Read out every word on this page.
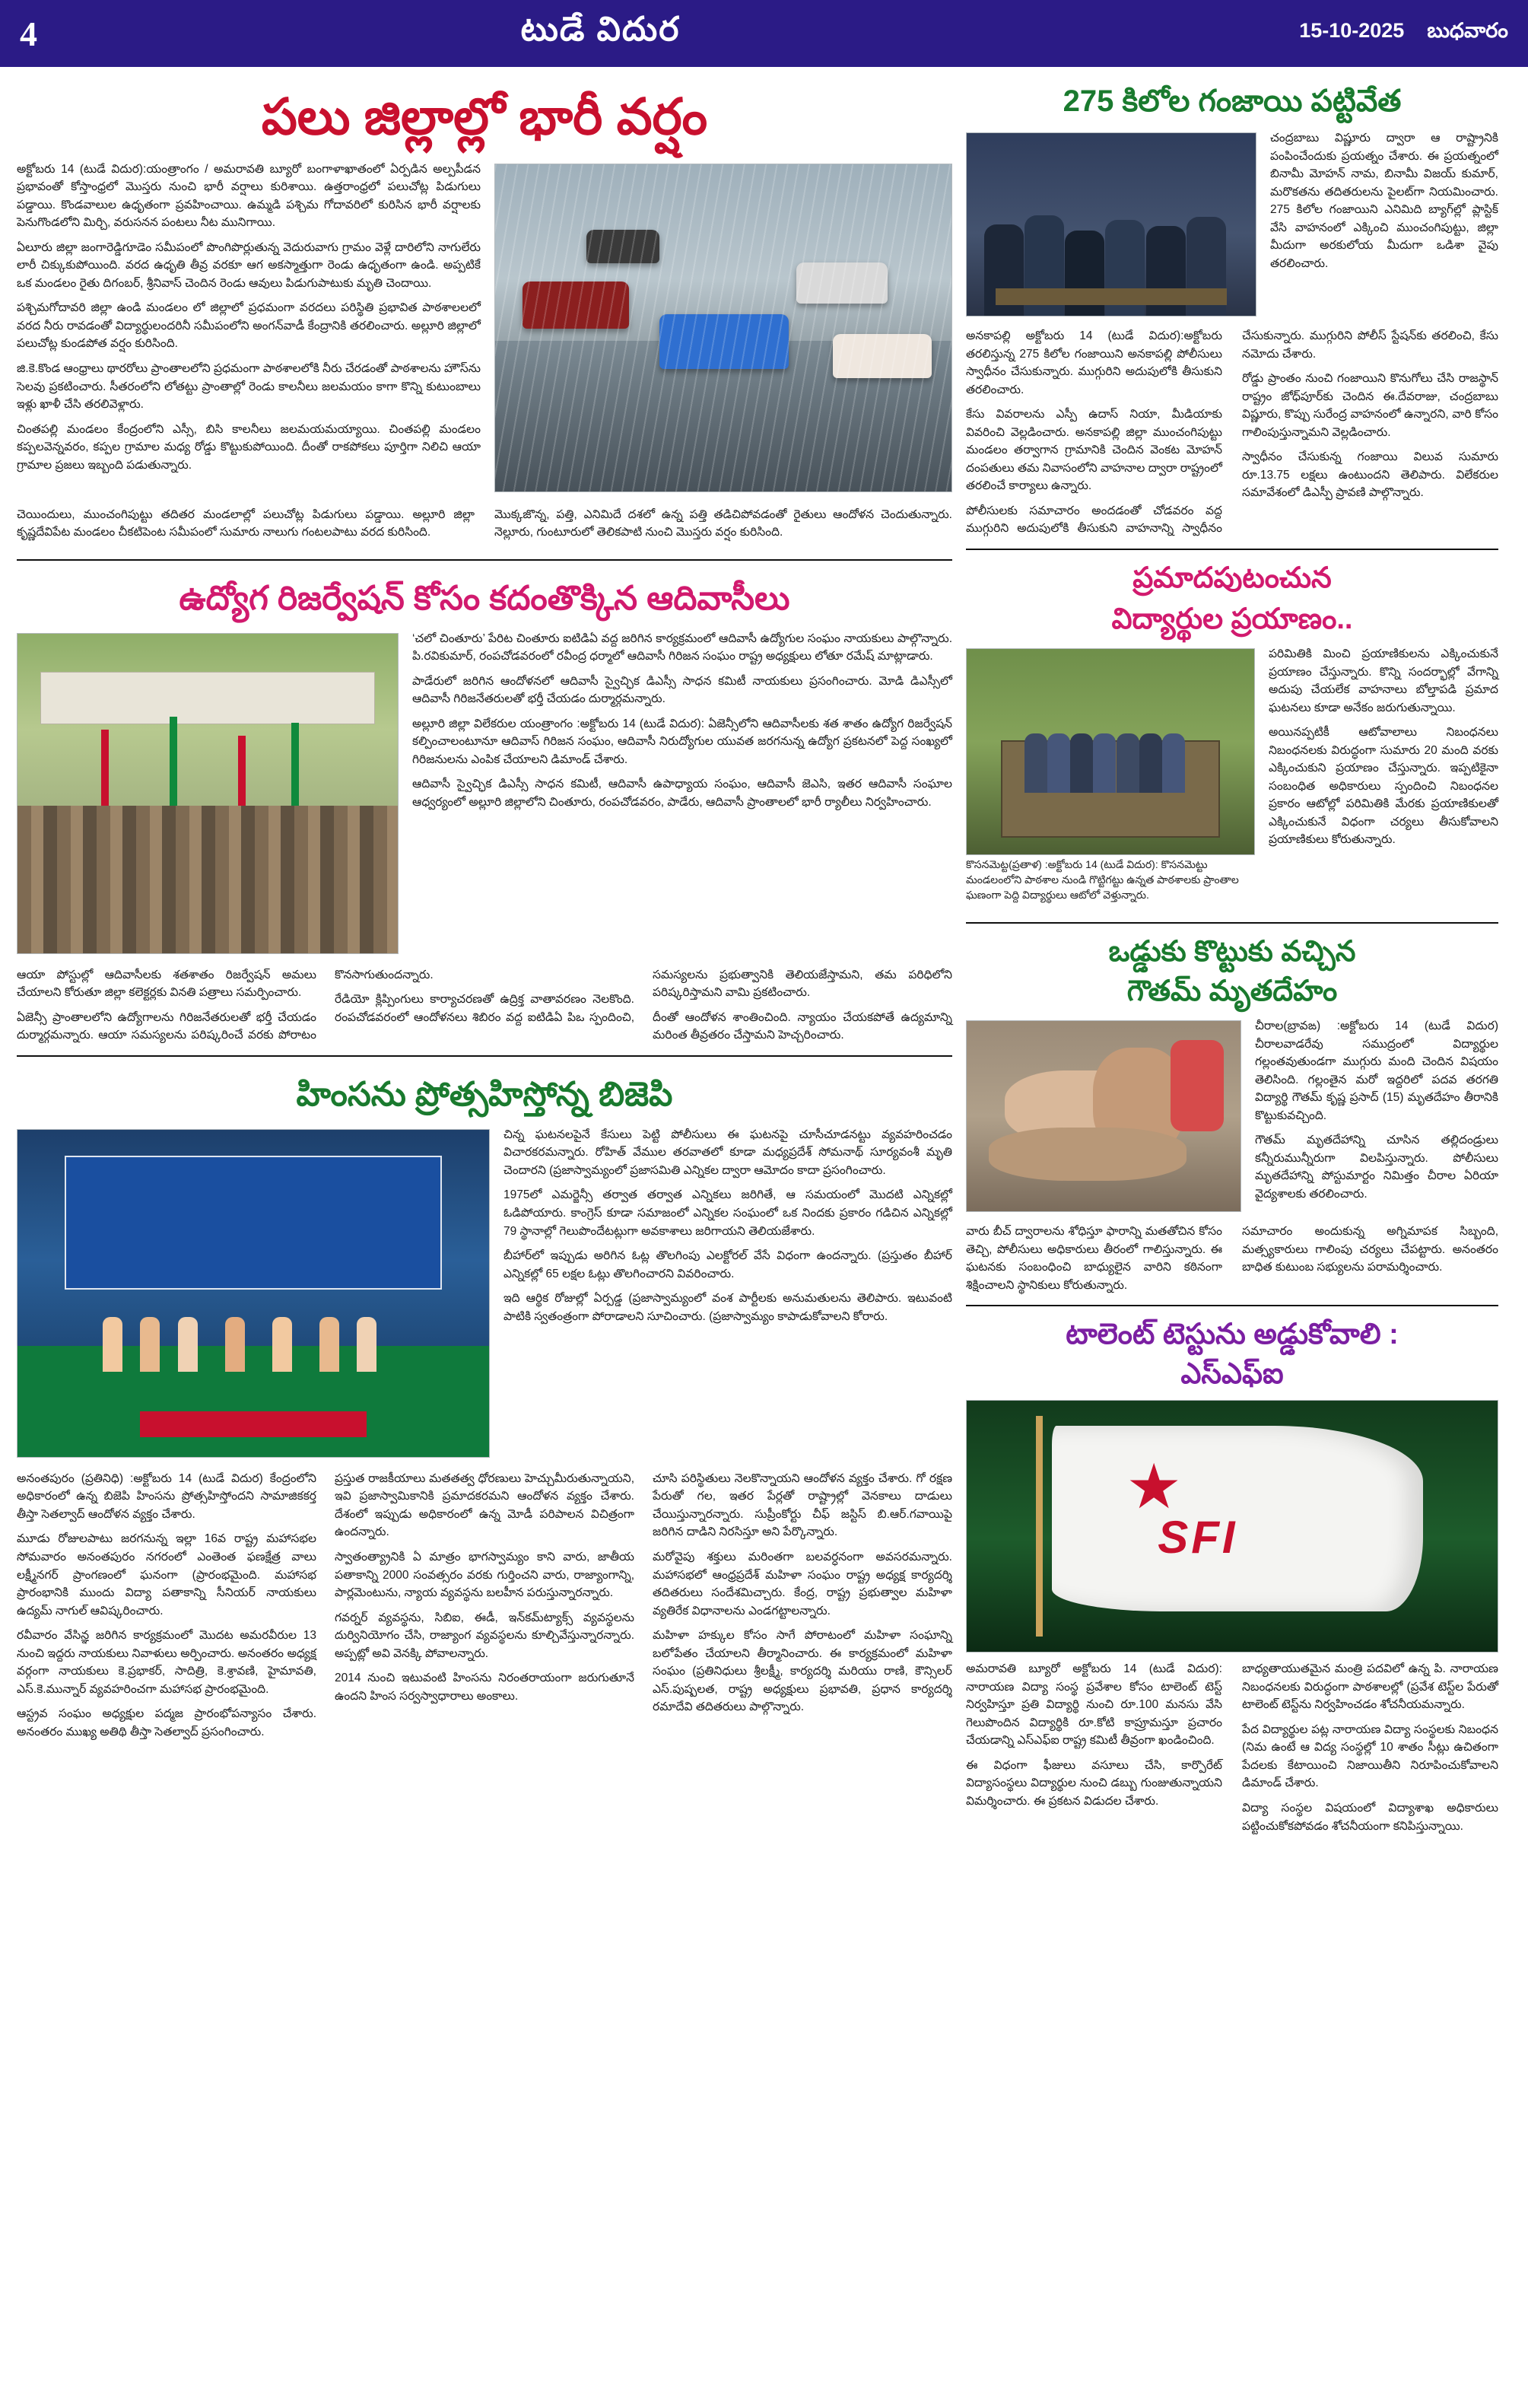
4	టుడే విదుర	15-10-2025 బుధవారం
పలు జిల్లాల్లో భారీ వర్షం

అక్టోబరు 14 (టుడే విదుర):యంత్రాంగం / అమరావతి బ్యూరో బంగాళాఖాతంలో ఏర్పడిన అల్పపీడన ప్రభావంతో కోస్తాంధ్రలో మొస్తరు నుంచి భారీ వర్షాలు కురిశాయి. ఉత్తరాంధ్రలో పలుచోట్ల పిడుగులు పడ్డాయి. కొండవాలుల ఉధృతంగా ప్రవహించాయి. ఉమ్మడి పశ్చిమ గోదావరిలో కురిసిన భారీ వర్షాలకు పెనుగొండలోని మిర్చి, వరుసనన పంటలు నీట మునిగాయి.

ఏలూరు జిల్లా జంగారెడ్డిగూడెం సమీపంలో పొంగిపొర్లుతున్న వెదురువాగు గ్రామం వెళ్లే దారిలోని నాగులేరు లారీ చిక్కుకుపోయింది. వరద ఉధృతి తీవ్ర వరకూ ఆగ అకస్మాత్తుగా రెండు ఉధృతంగా ఉండి. అప్పటికే ఒక మండలం రైతు దిగంబర్, శ్రీనివాస్ చెందిన రెండు ఆవులు పిడుగుపాటుకు మృతి చెందాయి.

పశ్చిమగోదావరి జిల్లా ఉండి మండలం లో జిల్లాలో ప్రధమంగా వరదలు పరిస్థితి ప్రభావిత పాఠశాలలలో వరద నీరు రావడంతో విద్యార్థులందరినీ సమీపంలోని అంగన్‌వాడీ కేంద్రానికి తరలించారు. అల్లూరి జిల్లాలో పలుచోట్ల కుండపోత వర్షం కురిసింది.

జి.కె.కొండ ఆంధ్రాలు థారరోలు ప్రాంతాలలోని ప్రధమంగా పాఠశాలలోకి నీరు చేరడంతో పాఠశాలను హౌస్‌ను సెలవు ప్రకటించారు. సీతరంలోని లోతట్టు ప్రాంతాల్లో రెండు కాలనీలు జలమయం కాగా కొన్ని కుటుంబాలు ఇళ్లు ఖాళీ చేసి తరలివెళ్లారు.

చింతపల్లి మండలం కేంద్రంలోని ఎస్సీ, బిసి కాలనీలు జలమయమయ్యాయి. చింతపల్లి మండలం కప్పలవెన్నవరం, కప్పల గ్రామాల మధ్య రోడ్డు కొట్టుకుపోయింది. దీంతో రాకపోకలు పూర్తిగా నిలిచి ఆయా గ్రామాల ప్రజలు ఇబ్బంది పడుతున్నారు.

చెయిందులు, ముంచంగిపుట్టు తదితర మండలాల్లో పలుచోట్ల పిడుగులు పడ్డాయి. అల్లూరి జిల్లా కృష్ణదేవిపేట మండలం చీకటిపెంట సమీపంలో సుమారు నాలుగు గంటలపాటు వరద కురిసింది.

మొక్కజొన్న, పత్తి, ఎనిమిదే దశలో ఉన్న పత్తి తడిచిపోవడంతో రైతులు ఆందోళన చెందుతున్నారు. నెల్లూరు, గుంటూరులో తెలికపాటి నుంచి మొస్తరు వర్షం కురిసింది.

ఉద్యోగ రిజర్వేషన్ కోసం కదంతొక్కిన ఆదివాసీలు

‘చలో చింతూరు’ పేరిట చింతూరు ఐటిడిఏ వద్ద జరిగిన కార్యక్రమంలో ఆదివాసీ ఉద్యోగుల సంఘం నాయకులు పాల్గొన్నారు. పి.రవికుమార్, రంపచోడవరంలో రవీంద్ర ధర్మాలో ఆదివాసీ గిరిజన సంఘం రాష్ట్ర అధ్యక్షులు లోతూ రమేష్ మాట్లాడారు.

పాడేరులో జరిగిన ఆందోళనలో ఆదివాసీ స్వైచ్ఛిక డిఎస్సీ సాధన కమిటీ నాయకులు ప్రసంగించారు. మోడి డిఎస్సీలో ఆదివాసీ గిరిజనేతరులతో భర్తీ చేయడం దుర్మార్గమన్నారు.

అల్లూరి జిల్లా విలేకరుల యంత్రాంగం :అక్టోబరు 14 (టుడే విదుర): ఏజెన్సీలోని ఆదివాసీలకు శత శాతం ఉద్యోగ రిజర్వేషన్ కల్పించాలంటూనూ ఆదివాస్ గిరిజన సంఘం, ఆదివాసీ నిరుద్యోగుల యువత జరగనున్న ఉద్యోగ ప్రకటనలో పెద్ద సంఖ్యలో గిరిజనులను ఎంపిక చేయాలని డిమాండ్ చేశారు.

ఆదివాసీ స్వైచ్ఛిక డిఎస్సీ సాధన కమిటీ, ఆదివాసీ ఉపాధ్యాయ సంఘం, ఆదివాసీ జెఎసి, ఇతర ఆదివాసీ సంఘాల ఆధ్వర్యంలో అల్లూరి జిల్లాలోని చింతూరు, రంపచోడవరం, పాడేరు, ఆదివాసీ ప్రాంతాలలో భారీ ర్యాలీలు నిర్వహించారు.

ఆయా పోస్టుల్లో ఆదివాసీలకు శతశాతం రిజర్వేషన్ అమలు చేయాలని కోరుతూ జిల్లా కలెక్టర్లకు వినతి పత్రాలు సమర్పించారు.

ఏజెన్సీ ప్రాంతాలలోని ఉద్యోగాలను గిరిజనేతరులతో భర్తీ చేయడం దుర్మార్గమన్నారు. ఆయా సమస్యలను పరిష్కరించే వరకు పోరాటం కొనసాగుతుందన్నారు.

రేడియో క్లిప్పింగులు కార్యాచరణతో ఉద్రిక్త వాతావరణం నెలకొంది. రంపచోడవరంలో ఆందోళనలు శిబిరం వద్ద ఐటిడిఏ పిఒ స్పందించి, సమస్యలను ప్రభుత్వానికి తెలియజేస్తామని, తమ పరిధిలోని పరిష్కరిస్తామని వామి ప్రకటించారు.

దీంతో ఆందోళన శాంతించింది. న్యాయం చేయకపోతే ఉద్యమాన్ని మరింత తీవ్రతరం చేస్తామని హెచ్చరించారు.

హింసను ప్రోత్సహిస్తోన్న బిజెపి

చిన్న ఘటనలపైనే కేసులు పెట్టి పోలీసులు ఈ ఘటనపై చూసీచూడనట్టు వ్యవహరించడం విచారకరమన్నారు. రోహిత్ వేముల తరవాతలో కూడా మధ్యప్రదేశ్ సోమనాథ్ సూర్యవంశీ మృతి చెందారని (ప్రజాస్వామ్యంలో ప్రజాసమితి ఎన్నికల ద్వారా ఆమోదం కాదా ప్రసంగించారు.

1975లో ఎమర్జెన్సీ తర్వాత తర్వాత ఎన్నికలు జరిగితే, ఆ సమయంలో మొదటి ఎన్నికల్లో ఓడిపోయారు. కాంగ్రెస్ కూడా సమాజంలో ఎన్నికల సంఘంలో ఒక నిందకు ప్రకారం గడిచిన ఎన్నికల్లో 79 స్థానాల్లో గెలుపొందేటట్లుగా అవకాశాలు జరిగాయని తెలియజేశారు.

బీహార్‌లో ఇప్పుడు అరిగిన ఓట్ల తొలగింపు ఎలక్టోరల్ వేసే విధంగా ఉందన్నారు. (ప్రస్తుతం బీహార్ ఎన్నికల్లో 65 లక్షల ఓట్లు తొలగించారని వివరించారు.

ఇది ఆర్థిక రోజుల్లో ఏర్పడ్డ (ప్రజాస్వామ్యంలో వంశ పార్టీలకు అనుమతులను తెలిపారు. ఇటువంటి పాటికి స్వతంత్రంగా పోరాడాలని సూచించారు. (ప్రజాస్వామ్యం కాపాడుకోవాలని కోరారు.

అనంతపురం (ప్రతినిధి) :అక్టోబరు 14 (టుడే విదుర) కేంద్రంలోని అధికారంలో ఉన్న బిజెపి హింసను ప్రోత్సహిస్తోందని సామాజికకర్త తీస్తా సెతల్వాద్ ఆందోళన వ్యక్తం చేశారు.

మూడు రోజులపాటు జరగనున్న ఇల్లా 16వ రాష్ట్ర మహాసభల సోమవారం అనంతపురం నగరంలో ఎంతెంత ఫణక్షేత్ర వాలు లక్ష్మీనగర్ ప్రాంగణంలో ఘనంగా (ప్రారంభమైంది. మహాసభ ప్రారంభానికి ముందు విద్యా పతాకాన్ని సీనియర్ నాయకులు ఉద్యమ్ నాగుల్ ఆవిష్కరించారు.

రవీవారం వేసిన్ఞ జరిగిన కార్యక్రమంలో మొదట అమరవీరుల 13 నుంచి ఇద్దరు నాయకులు నివాళులు అర్పించారు. అనంతరం అధ్యక్ష వర్గంగా నాయకులు కె.ప్రభాకర్, సాదిత్రి, కె.శ్రావణి, హైమావతి, ఎస్.కె.మున్నార్ వ్యవహరించగా మహాసభ ప్రారంభమైంది.

ఆస్ట్రవ సంఘం అధ్యక్షుల పద్మజ ప్రారంభోపన్యాసం చేశారు. అనంతరం ముఖ్య అతిథి తీస్తా సెతల్వాద్ ప్రసంగించారు.

ప్రస్తుత రాజకీయాలు మతతత్వ ధోరణులు హెచ్చుమీరుతున్నాయని, ఇవి ప్రజాస్వామికానికి ప్రమాదకరమని ఆందోళన వ్యక్తం చేశారు. దేశంలో ఇప్పుడు అధికారంలో ఉన్న మోడీ పరిపాలన విచిత్రంగా ఉందన్నారు.

స్వాతంత్య్రానికి ఏ మాత్రం భాగస్వామ్యం కాని వారు, జాతీయ పతాకాన్ని 2000 సంవత్సరం వరకు గుర్తించని వారు, రాజ్యాంగాన్ని, పార్లమెంటును, న్యాయ వ్యవస్థను బలహీన పరుస్తున్నారన్నారు.

గవర్నర్ వ్యవస్థను, సిబిఐ, ఈడీ, ఇన్‌కమ్‌ట్యాక్స్ వ్యవస్థలను దుర్వినియోగం చేసి, రాజ్యాంగ వ్యవస్థలను కూల్చివేస్తున్నారన్నారు. అప్పట్లో అవి వెనక్కి పోవాలన్నారు.

2014 నుంచి ఇటువంటి హింసను నిరంతరాయంగా జరుగుతూనే ఉందని హింస సర్వస్వాధారాలు అంకాలు.

చూసి పరిస్థితులు నెలకొన్నాయని ఆందోళన వ్యక్తం చేశారు. గో రక్షణ పేరుతో గల, ఇతర పేర్లతో రాష్ట్రాల్లో వెనకాలు దాడులు చేయిస్తున్నారన్నారు. సుప్రీంకోర్టు చీఫ్ జస్టిస్ బి.ఆర్.గవాయిపై జరిగిన దాడిని నిరసిస్తూ అని పేర్కొన్నారు.

మరోవైపు శక్తులు మరింతగా బలవర్ధనంగా అవసరమన్నారు. మహాసభలో ఆంధ్రప్రదేశ్ మహిళా సంఘం రాష్ట్ర అధ్యక్ష కార్యదర్శి తదితరులు సందేశమిచ్చారు. కేంద్ర, రాష్ట్ర ప్రభుత్వాల మహిళా వ్యతిరేక విధానాలను ఎండగట్టాలన్నారు.

మహిళా హక్కుల కోసం సాగే పోరాటంలో మహిళా సంఘాన్ని బలోపేతం చేయాలని తీర్మానించారు. ఈ కార్యక్రమంలో మహిళా సంఘం (ప్రతినిధులు శ్రీలక్ష్మీ, కార్యదర్శి మరియు రాణి, కౌన్సిలర్ ఎస్.పుష్పలత, రాష్ట్ర అధ్యక్షులు ప్రభావతి, ప్రధాన కార్యదర్శి రమాదేవి తదితరులు పాల్గొన్నారు.

275 కిలోల గంజాయి పట్టివేత

చంద్రబాబు విష్ణూరు ద్వారా ఆ రాష్ట్రానికి పంపించేందుకు ప్రయత్నం చేశారు. ఈ ప్రయత్నంలో బినామీ మోహన్ నామ, బినామీ విజయ్ కుమార్, మరొకతను తదితరులను పైలట్‌గా నియమించారు. 275 కిలోల గంజాయిని ఎనిమిది బ్యాగ్‌ల్లో ప్లాస్టిక్ వేసి వాహనంలో ఎక్కించి ముంచంగిపుట్టు, జిల్లా మీదుగా అరకులోయ మీదుగా ఒడిశా వైపు తరలించారు.

అనకాపల్లి అక్టోబరు 14 (టుడే విదుర):అక్టోబరు తరలిస్తున్న 275 కిలోల గంజాయిని అనకాపల్లి పోలీసులు స్వాధీనం చేసుకున్నారు. ముగ్గురిని అదుపులోకి తీసుకుని తరలించారు.

కేసు వివరాలను ఎస్పీ ఉదాస్ నియా, మీడియాకు వివరించి వెల్లడించారు. అనకాపల్లి జిల్లా ముంచంగిపుట్టు మండలం తర్వాగాన గ్రామానికి చెందిన వెంకట మోహన్ దంపతులు తమ నివాసంలోని వాహనాల ద్వారా రాష్ట్రంలో తరలించే కార్యాలు ఉన్నారు.

పోలీసులకు సమాచారం అందడంతో చోడవరం వద్ద ముగ్గురిని అదుపులోకి తీసుకుని వాహనాన్ని స్వాధీనం చేసుకున్నారు. ముగ్గురిని పోలీస్ స్టేషన్‌కు తరలించి, కేసు నమోదు చేశారు.

రోడ్డు ప్రాంతం నుంచి గంజాయిని కొనుగోలు చేసి రాజస్థాన్ రాష్ట్రం జోధ్‌పూర్‌కు చెందిన ఈ.దేవరాజు, చంద్రబాబు విష్ణూరు, కొప్పు సురేంద్ర వాహనంలో ఉన్నారని, వారి కోసం గాలింపుస్తున్నామని వెల్లడించారు.

స్వాధీనం చేసుకున్న గంజాయి విలువ సుమారు రూ.13.75 లక్షలు ఉంటుందని తెలిపారు. విలేకరుల సమావేశంలో డిఎస్పీ ప్రావణి పాల్గొన్నారు.

ప్రమాదపుటంచున
విద్యార్థుల ప్రయాణం..
కొసనమెట్ట(ప్రతాళ) :అక్టోబరు 14 (టుడే విదుర): కొసనమెట్టు మండలంలోని పాఠశాల నుండి గొట్టిగట్టు ఉన్నత పాఠశాలకు ప్రాంతాల ఘణంగా పెద్ది విద్యార్థులు ఆటోలో వెళ్తున్నారు.

పరిమితికి మించి ప్రయాణికులను ఎక్కించుకునే ప్రయాణం చేస్తున్నారు. కొన్ని సందర్భాల్లో వేగాన్ని అదుపు చేయలేక వాహనాలు బోల్తాపడి ప్రమాద ఘటనలు కూడా అనేకం జరుగుతున్నాయి.

అయినప్పటికీ ఆటోవాలాలు నిబంధనలు నిబంధనలకు విరుద్ధంగా సుమారు 20 మంది వరకు ఎక్కించుకుని ప్రయాణం చేస్తున్నారు. ఇప్పటికైనా సంబంధిత అధికారులు స్పందించి నిబంధనల ప్రకారం ఆటోల్లో పరిమితికి మేరకు ప్రయాణికులతో ఎక్కించుకునే విధంగా చర్యలు తీసుకోవాలని ప్రయాణికులు కోరుతున్నారు.

ఒడ్డుకు కొట్టుకు వచ్చిన
గౌతమ్ మృతదేహం

చీరాల(బ్రావఙ) :అక్టోబరు 14 (టుడే విదుర) చీరాలవాడరేవు సముద్రంలో విద్యార్థుల గల్లంతవుతుండగా ముగ్గురు మంది చెందిన విషయం తెలిసింది. గల్లంతైన మరో ఇద్దరిలో పదవ తరగతి విద్యార్థి గౌతమ్ కృష్ణ ప్రసాద్ (15) మృతదేహం తీరానికి కొట్టుకువచ్చింది.

గౌతమ్ మృతదేహాన్ని చూసిన తల్లిదండ్రులు కన్నీరుమున్నీరుగా విలపిస్తున్నారు. పోలీసులు మృతదేహాన్ని పోస్టుమార్టం నిమిత్తం చీరాల ఏరియా వైద్యశాలకు తరలించారు.

వారు బీచ్ ద్వారాలను శోధిస్తూ ఫారాన్ని మతతోచిన కోసం తెచ్చి, పోలీసులు అధికారులు తీరంలో గాలిస్తున్నారు. ఈ ఘటనకు సంబంధించి బాధ్యులైన వారిని కఠినంగా శిక్షించాలని స్థానికులు కోరుతున్నారు.

సమాచారం అందుకున్న అగ్నిమాపక సిబ్బంది, మత్స్యకారులు గాలింపు చర్యలు చేపట్టారు. అనంతరం బాధిత కుటుంబ సభ్యులను పరామర్శించారు.

టాలెంట్ టెస్టును అడ్డుకోవాలి :
ఎస్ఎఫ్ఐ
SFI

అమరావతి బ్యూరో అక్టోబరు 14 (టుడే విదుర): నారాయణ విద్యా సంస్థ ప్రవేశాల కోసం టాలెంట్ టెస్ట్ నిర్వహిస్తూ ప్రతి విద్యార్థి నుంచి రూ.100 మనసు వేసి గెలుపొందిన విద్యార్థికి రూ.కోటి కాప్రూమస్తూ ప్రచారం చేయడాన్ని ఎస్ఎఫ్ఐ రాష్ట్ర కమిటీ తీవ్రంగా ఖండించింది.

ఈ విధంగా ఫీజులు వసూలు చేసి, కార్పొరేట్ విద్యాసంస్థలు విద్యార్థుల నుంచి డబ్బు గుంజుతున్నాయని విమర్శించారు. ఈ ప్రకటన విడుదల చేశారు.

బాధ్యతాయుతమైన మంత్రి పదవిలో ఉన్న పి. నారాయణ నిబంధనలకు విరుద్ధంగా పాఠశాలల్లో (ప్రవేశ టెస్ట్‌ల పేరుతో టాలెంట్ టెస్ట్‌ను నిర్వహించడం శోచనీయమన్నారు.

పేద విద్యార్థుల పట్ల నారాయణ విద్యా సంస్థలకు నిబంధన (నిమ ఉంటే ఆ విద్య సంస్థల్లో 10 శాతం సీట్లు ఉచితంగా పేదలకు కేటాయించి నిజాయితీని నిరూపించుకోవాలని డిమాండ్ చేశారు.

విద్యా సంస్థల విషయంలో విద్యాశాఖ అధికారులు పట్టించుకోకపోవడం శోచనీయంగా కనిపిస్తున్నాయి.
